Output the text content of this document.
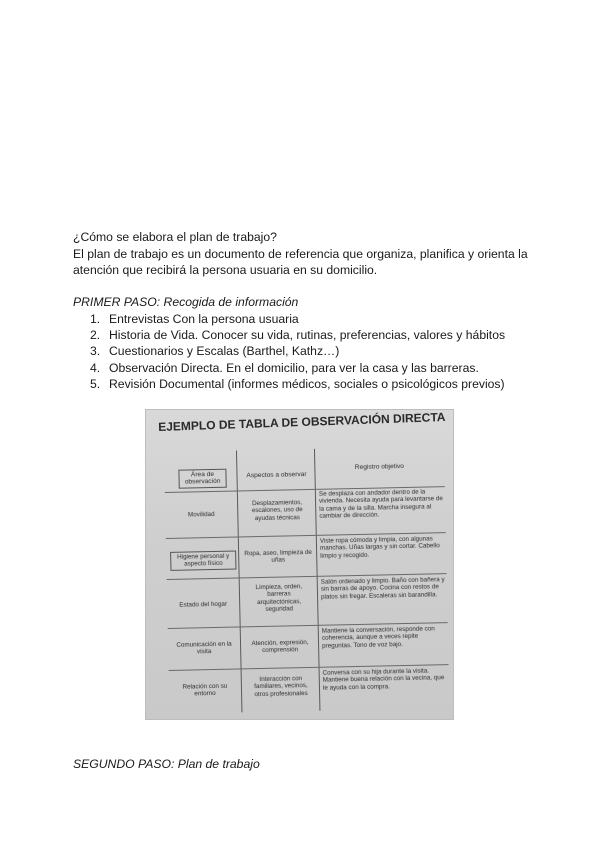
¿Cómo se elabora el plan de trabajo?
El plan de trabajo es un documento de referencia que organiza, planifica y orienta la
atención que recibirá la persona usuaria en su domicilio.
PRIMER PASO: Recogida de información
1. Entrevistas Con la persona usuaria
2. Historia de Vida. Conocer su vida, rutinas, preferencias, valores y hábitos
3. Cuestionarios y Escalas (Barthel, Kathz…)
4. Observación Directa. En el domicilio, para ver la casa y las barreras.
5. Revisión Documental (informes médicos, sociales o psicológicos previos)
EJEMPLO DE TABLA DE OBSERVACIÓN DIRECTA
Área de observación
Aspectos a observar
Registro objetivo
Movilidad
Desplazamientos, escalones, uso de ayudas técnicas
Se desplaza con andador dentro de la vivienda. Necesita ayuda para levantarse de la cama y de la silla. Marcha insegura al cambiar de dirección.
Higiene personal y aspecto físico
Ropa, aseo, limpieza de uñas
Viste ropa cómoda y limpia, con algunas manchas. Uñas largas y sin cortar. Cabello limpio y recogido.
Estado del hogar
Limpieza, orden, barreras arquitectónicas, seguridad
Salón ordenado y limpio. Baño con bañera y sin barras de apoyo. Cocina con restos de platos sin fregar. Escaleras sin barandilla.
Comunicación en la visita
Atención, expresión, comprensión
Mantiene la conversación, responde con coherencia, aunque a veces repite preguntas. Tono de voz bajo.
Relación con su entorno
Interacción con familiares, vecinos, otros profesionales
Conversa con su hija durante la visita. Mantiene buena relación con la vecina, que le ayuda con la compra.
SEGUNDO PASO: Plan de trabajo
